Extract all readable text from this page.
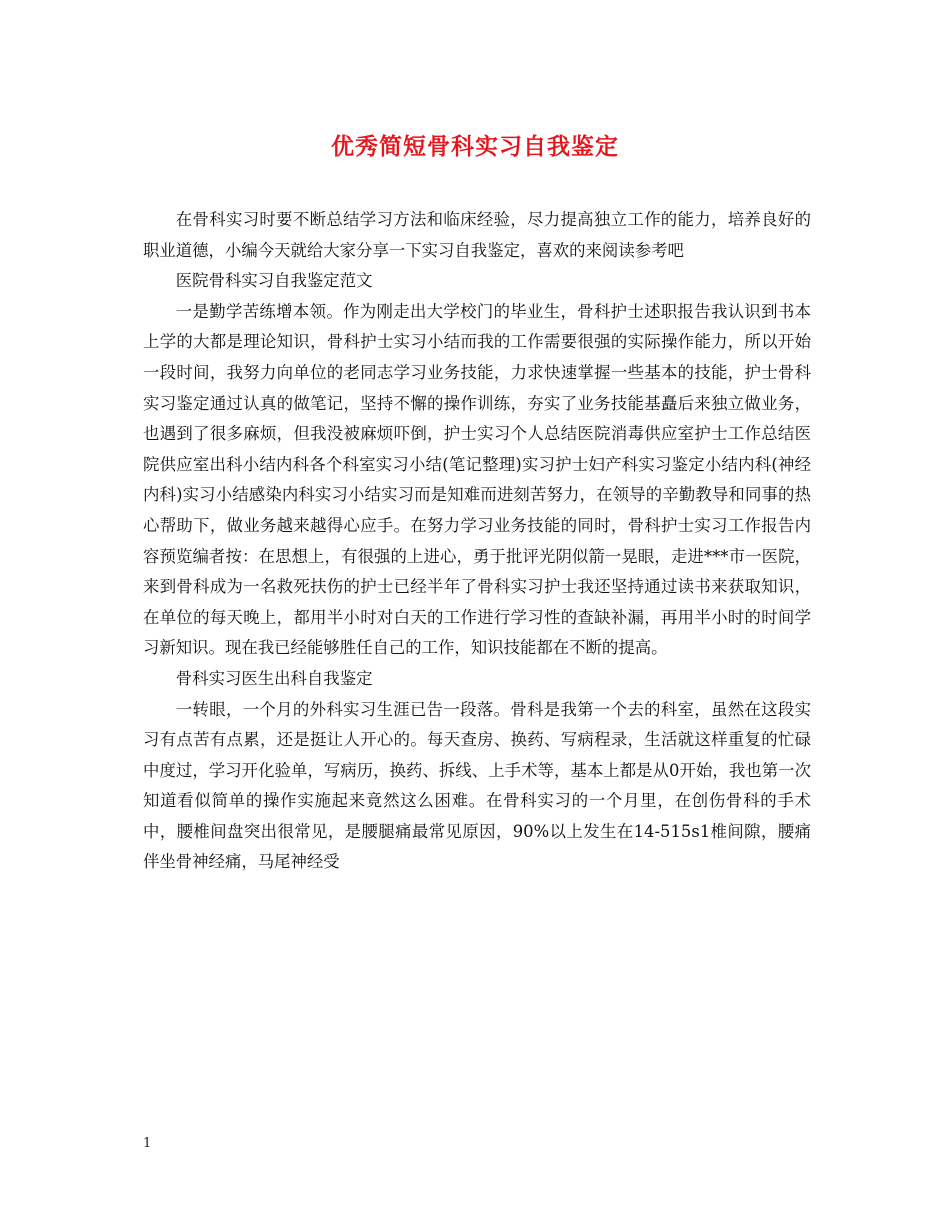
优秀简短骨科实习自我鉴定

在骨科实习时要不断总结学习方法和临床经验，尽力提高独立工作的能力，培养良好的职业道德，小编今天就给大家分享一下实习自我鉴定，喜欢的来阅读参考吧

医院骨科实习自我鉴定范文

一是勤学苦练增本领。作为刚走出大学校门的毕业生，骨科护士述职报告我认识到书本上学的大都是理论知识，骨科护士实习小结而我的工作需要很强的实际操作能力，所以开始一段时间，我努力向单位的老同志学习业务技能，力求快速掌握一些基本的技能，护士骨科实习鉴定通过认真的做笔记，坚持不懈的操作训练，夯实了业务技能基矗后来独立做业务，也遇到了很多麻烦，但我没被麻烦吓倒，护士实习个人总结医院消毒供应室护士工作总结医院供应室出科小结内科各个科室实习小结(笔记整理)实习护士妇产科实习鉴定小结内科(神经内科)实习小结感染内科实习小结实习而是知难而进刻苦努力，在领导的辛勤教导和同事的热心帮助下，做业务越来越得心应手。在努力学习业务技能的同时，骨科护士实习工作报告内容预览编者按：在思想上，有很强的上进心，勇于批评光阴似箭一晃眼，走进***市一医院，来到骨科成为一名救死扶伤的护士已经半年了骨科实习护士我还坚持通过读书来获取知识，在单位的每天晚上，都用半小时对白天的工作进行学习性的查缺补漏，再用半小时的时间学习新知识。现在我已经能够胜任自己的工作，知识技能都在不断的提高。

骨科实习医生出科自我鉴定

一转眼，一个月的外科实习生涯已告一段落。骨科是我第一个去的科室，虽然在这段实习有点苦有点累，还是挺让人开心的。每天查房、换药、写病程录，生活就这样重复的忙碌中度过，学习开化验单，写病历，换药、拆线、上手术等，基本上都是从0开始，我也第一次知道看似简单的操作实施起来竟然这么困难。在骨科实习的一个月里，在创伤骨科的手术中，腰椎间盘突出很常见，是腰腿痛最常见原因，90%以上发生在14-515s1椎间隙，腰痛伴坐骨神经痛，马尾神经受

1
